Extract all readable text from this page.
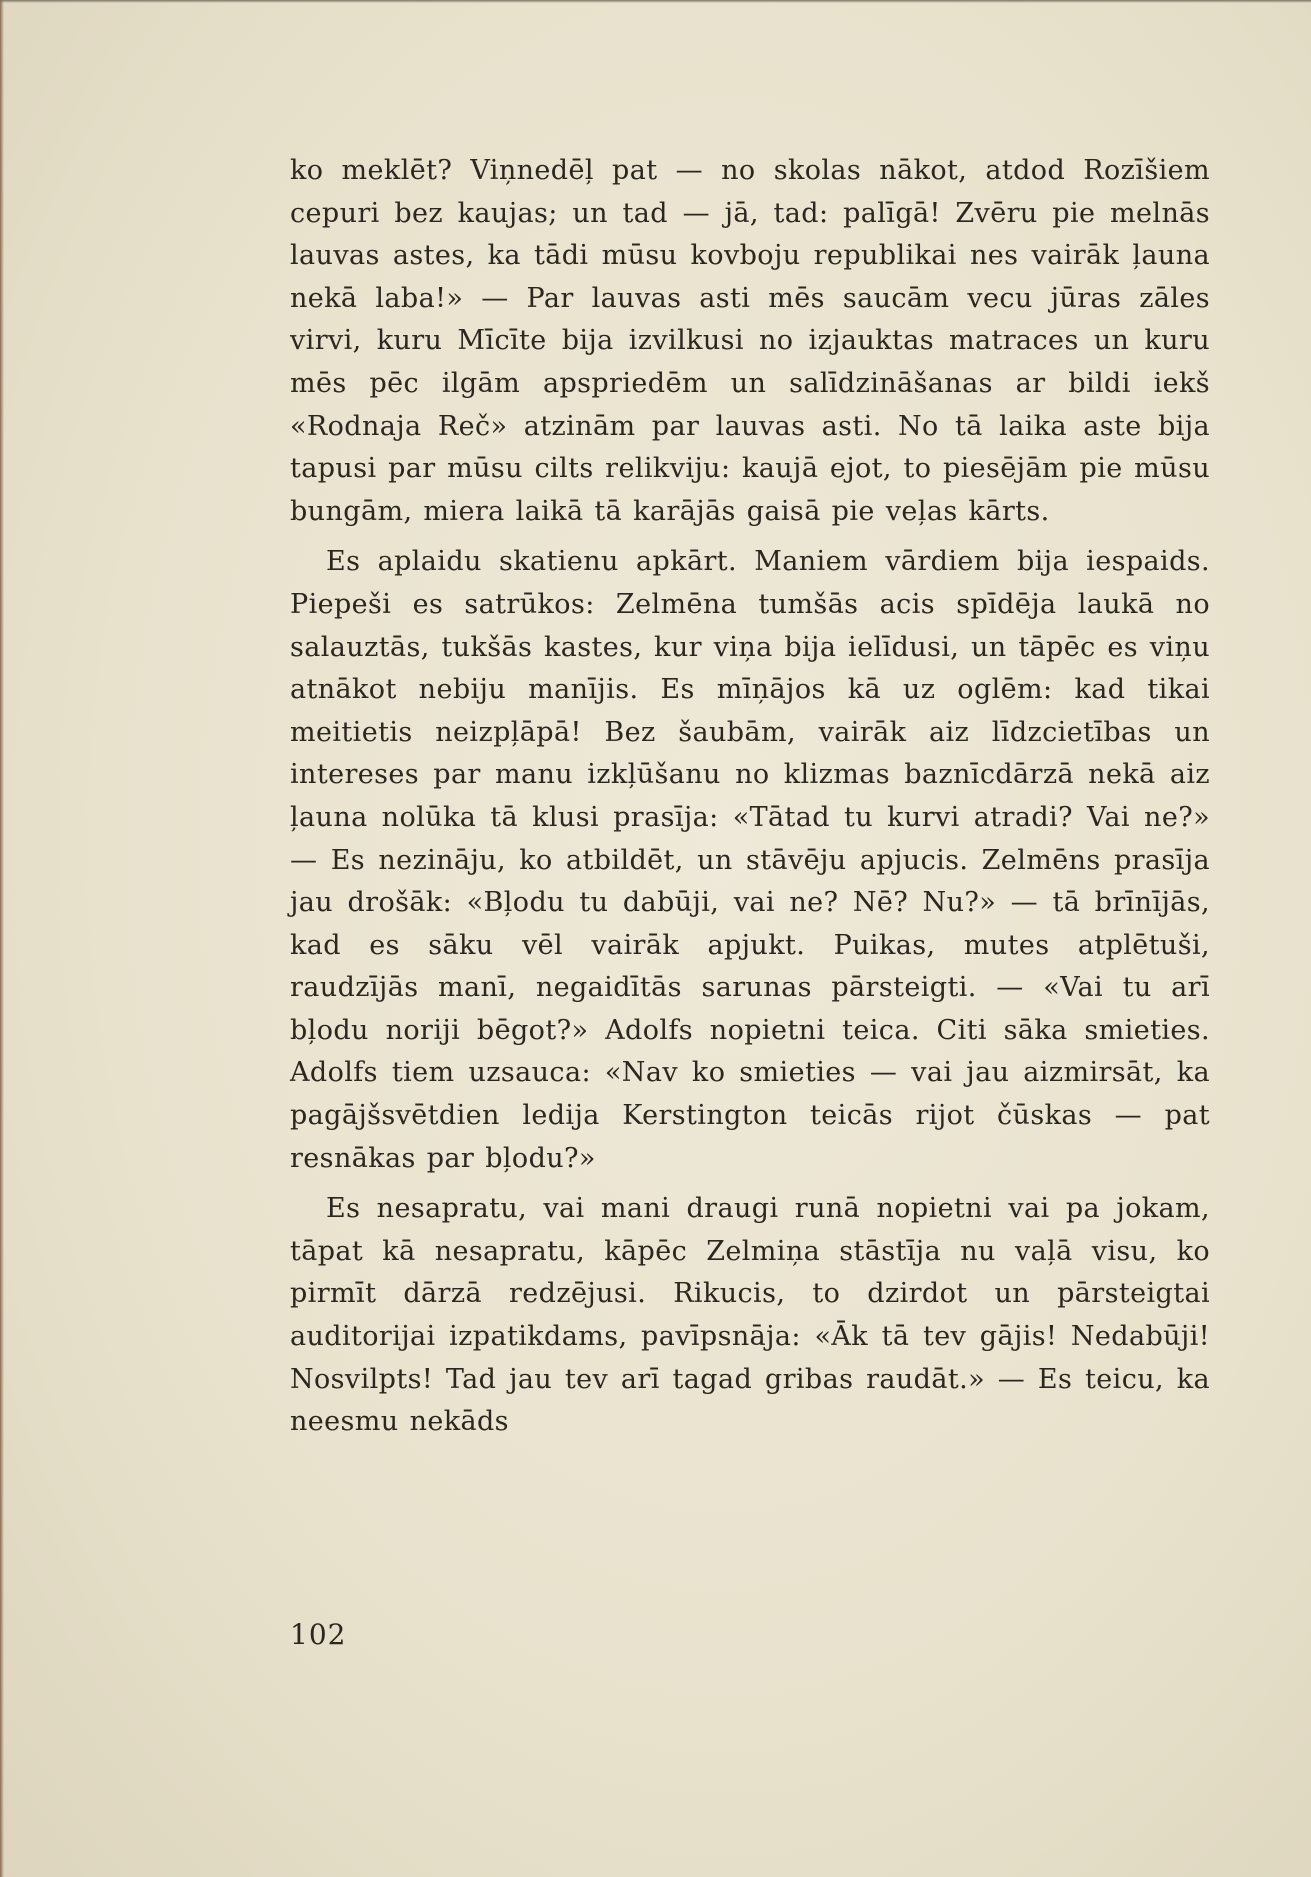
ko meklēt? Viņnedēļ pat — no skolas nākot, atdod Rozīšiem cepuri bez kaujas; un tad — jā, tad: palīgā! Zvēru pie melnās lauvas astes, ka tādi mūsu kovboju republikai nes vairāk ļauna nekā laba!» — Par lauvas asti mēs saucām vecu jūras zāles virvi, kuru Mīcīte bija izvilkusi no izjauktas matraces un kuru mēs pēc ilgām apspriedēm un salīdzināšanas ar bildi iekš «Rodnaja Reč» atzinām par lauvas asti. No tā laika aste bija tapusi par mūsu cilts relikviju: kaujā ejot, to piesējām pie mūsu bungām, miera laikā tā karājās gaisā pie veļas kārts.

Es aplaidu skatienu apkārt. Maniem vārdiem bija iespaids. Piepeši es satrūkos: Zelmēna tumšās acis spīdēja laukā no salauztās, tukšās kastes, kur viņa bija ielīdusi, un tāpēc es viņu atnākot nebiju manījis. Es mīņājos kā uz oglēm: kad tikai meitietis neizpļāpā! Bez šaubām, vairāk aiz līdzcietības un intereses par manu izkļūšanu no klizmas baznīcdārzā nekā aiz ļauna nolūka tā klusi prasīja: «Tātad tu kurvi atradi? Vai ne?» — Es nezināju, ko atbildēt, un stāvēju apjucis. Zelmēns prasīja jau drošāk: «Bļodu tu dabūji, vai ne? Nē? Nu?» — tā brīnījās, kad es sāku vēl vairāk apjukt. Puikas, mutes atplētuši, raudzījās manī, negaidītās sarunas pārsteigti. — «Vai tu arī bļodu noriji bēgot?» Adolfs nopietni teica. Citi sāka smieties. Adolfs tiem uzsauca: «Nav ko smieties — vai jau aizmirsāt, ka pagājšsvētdien ledija Kerstington teicās rijot čūskas — pat resnākas par bļodu?»

Es nesapratu, vai mani draugi runā nopietni vai pa jokam, tāpat kā nesapratu, kāpēc Zelmiņa stāstīja nu vaļā visu, ko pirmīt dārzā redzējusi. Rikucis, to dzirdot un pārsteigtai auditorijai izpatikdams, pavīpsnāja: «Āk tā tev gājis! Nedabūji! Nosvilpts! Tad jau tev arī tagad gribas raudāt.» — Es teicu, ka neesmu nekāds

102
